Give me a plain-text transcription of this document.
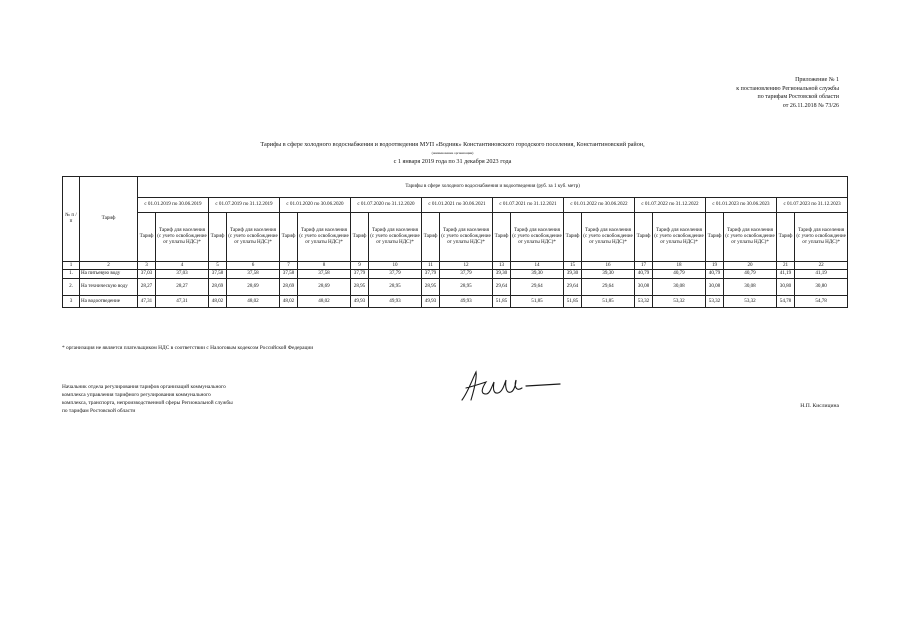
Приложение № 1
к постановлению Региональной службы
по тарифам Ростовской области
от 26.11.2018 № 73/26
Тарифы в сфере холодного водоснабжения и водоотведения МУП «Водник» Константиновского городского поселения, Константиновский район,
(наименование организации)
с 1 января 2019 года по 31 декабря 2023 года
№ п /п	Тариф	Тарифы в сфере холодного водоснабжения и водоотведения (руб. за 1 куб. метр)																			
		с 01.01.2019 по 30.06.2019		с 01.07.2019 по 31.12.2019		с 01.01.2020 по 30.06.2020		с 01.07.2020 по 31.12.2020		с 01.01.2021 по 30.06.2021		с 01.07.2021 по 31.12.2021		с 01.01.2022 по 30.06.2022		с 01.07.2022 по 31.12.2022		с 01.01.2023 по 30.06.2023		с 01.07.2023 по 31.12.2023	
		Тариф	Тариф для населения (с учето освобождение от уплаты НДС)*	Тариф	Тариф для населения (с учето освобождение от уплаты НДС)*	Тариф	Тариф для населения (с учето освобождение от уплаты НДС)*	Тариф	Тариф для населения (с учето освобождение от уплаты НДС)*	Тариф	Тариф для населения (с учето освобождение от уплаты НДС)*	Тариф	Тариф для населения (с учето освобождение от уплаты НДС)*	Тариф	Тариф для населения (с учето освобождение от уплаты НДС)*	Тариф	Тариф для населения (с учето освобождение от уплаты НДС)*	Тариф	Тариф для населения (с учето освобождение от уплаты НДС)*	Тариф	Тариф для населения (с учето освобождение от уплаты НДС)*
1	2	3	4	5	6	7	8	9	10	11	12	13	14	15	16	17	18	19	20	21	22
1.	На питьевую воду	37,03	37,03	37,58	37,58	37,58	37,58	37,79	37,79	37,79	37,79	39,30	39,30	39,30	39,30	40,79	40,79	40,79	40,79	41,19	41,19
2.	На техническую воду	28,27	28,27	28,69	28,69	28,69	28,69	28,95	28,95	28,95	28,95	29,64	29,64	29,64	29,64	30,08	30,08	30,08	30,08	30,80	30,80
3	На водоотведение	47,31	47,31	48,02	48,02	48,02	48,02	49,93	49,93	49,93	49,93	51,85	51,85	51,85	51,85	53,32	53,32	53,32	53,32	54,78	54,78
* организация не является плательщиком НДС в соответствии с Налоговым кодексом Российской Федерации
Начальник отдела регулирования тарифов организаций коммунального
комплекса управления тарифного регулирования коммунального
комплекса, транспорта, непроизводственной сферы Региональной службы
по тарифам Ростовской области
Н.П. Кислицина
